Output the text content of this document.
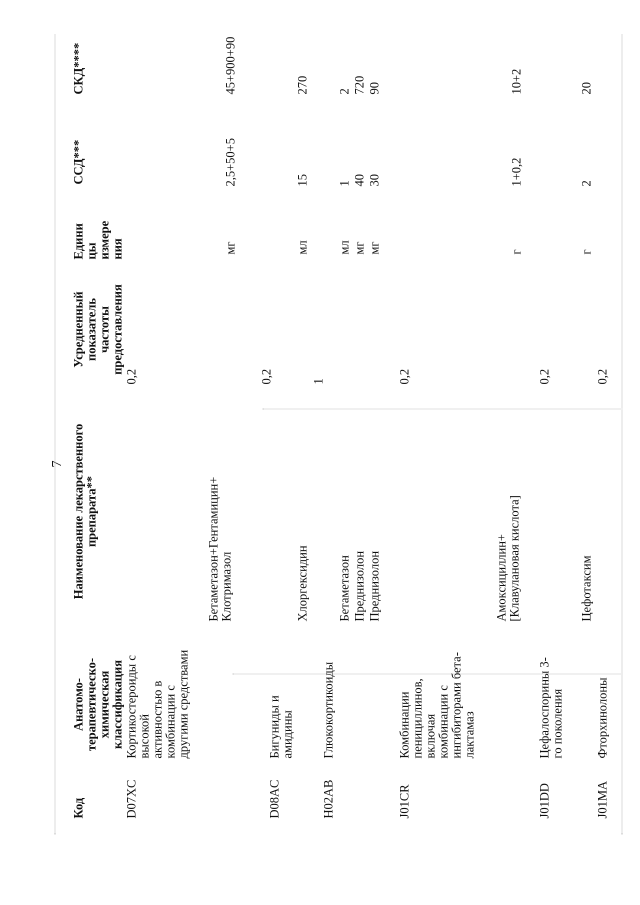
7
Код
Анатомо-
терапевтическо-
химическая
классификация
Наименование лекарственного
препарата**
Усредненный
показатель
частоты
предоставления
Едини
цы
измере
ния
ССД***
СКД****
D07XC
Кортикостероиды с
высокой
активностью в
комбинации с
другими средствами
0,2
Бетаметазон+Гентамицин+
Клотримазол
мг
2,5+50+5
45+900+90
D08AC
Бигуниды и
амидины
0,2
Хлоргексидин
мл
15
270
H02AB
Глюкокортикоиды
1
Бетаметазон
мл
1
2
Преднизолон
мг
40
720
Преднизолон
мг
30
90
J01CR
Комбинации
пенициллинов,
включая
комбинации с
ингибиторами бета-
лактамаз
0,2
Амоксициллин+
[Клавулановая кислота]
г
1+0,2
10+2
J01DD
Цефалоспорины 3-
го поколения
0,2
Цефотаксим
г
2
20
J01MA
Фторхинолоны
0,2
